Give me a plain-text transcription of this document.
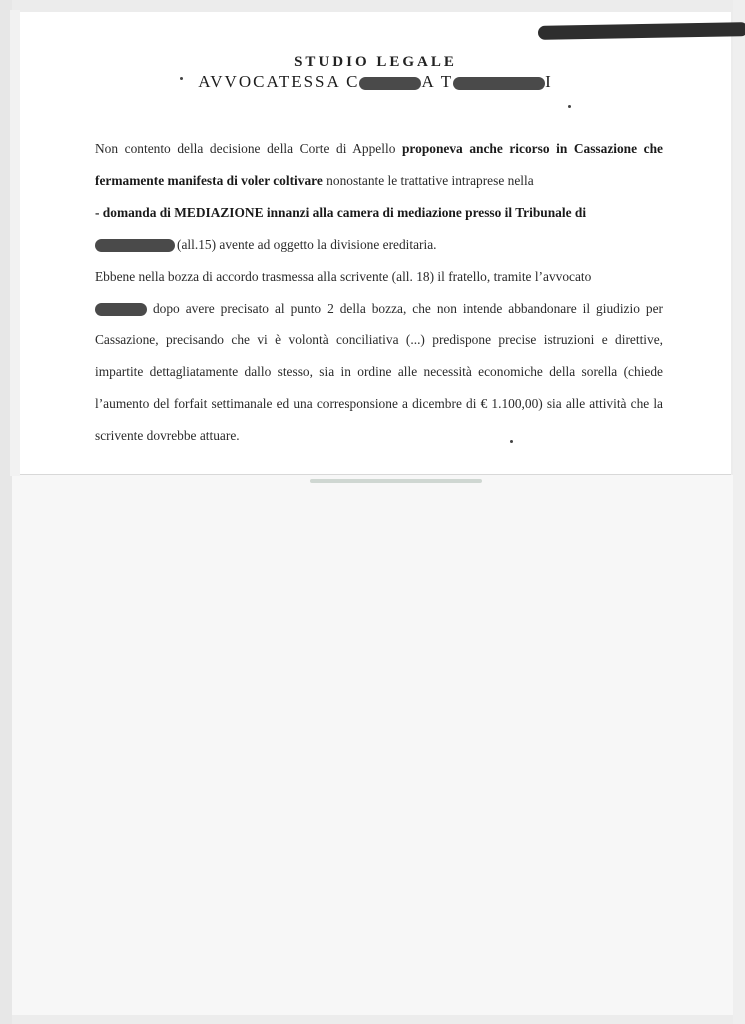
STUDIO LEGALE
AVVOCATESSA C	A T	I

Non contento della decisione della Corte di Appello proponeva anche ricorso in Cassazione che fermamente manifesta di voler coltivare nonostante le trattative intraprese nella

- domanda di MEDIAZIONE innanzi alla camera di mediazione presso il Tribunale di
(all.15) avente ad oggetto la divisione ereditaria.

Ebbene nella bozza di accordo trasmessa alla scrivente (all. 18) il fratello, tramite l’avvocato
dopo avere precisato al punto 2 della bozza, che non intende abbandonare il giudizio per Cassazione, precisando che vi è volontà conciliativa (...) predispone precise istruzioni e direttive, impartite dettagliatamente dallo stesso, sia in ordine alle necessità economiche della sorella (chiede l’aumento del forfait settimanale ed una corresponsione a dicembre di € 1.100,00) sia alle attività che la scrivente dovrebbe attuare.
